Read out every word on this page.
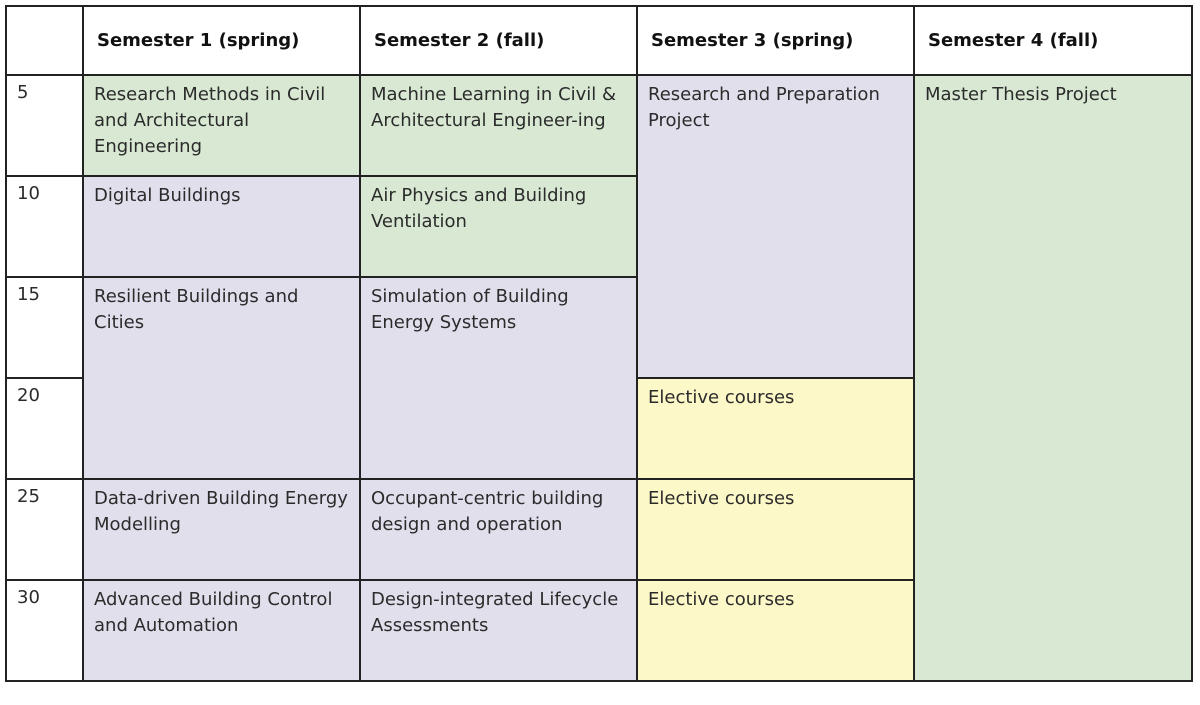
	Semester 1 (spring)	Semester 2 (fall)	Semester 3 (spring)	Semester 4 (fall)
5	Research Methods in Civil and Architectural Engineering	Machine Learning in Civil & Architectural Engineer-ing	Research and Preparation Project	Master Thesis Project
10	Digital Buildings	Air Physics and Building Ventilation		
15	Resilient Buildings and Cities	Simulation of Building Energy Systems		
20			Elective courses	
25	Data-driven Building Energy Modelling	Occupant-centric building design and operation	Elective courses	
30	Advanced Building Control and Automation	Design-integrated Lifecycle Assessments	Elective courses	
